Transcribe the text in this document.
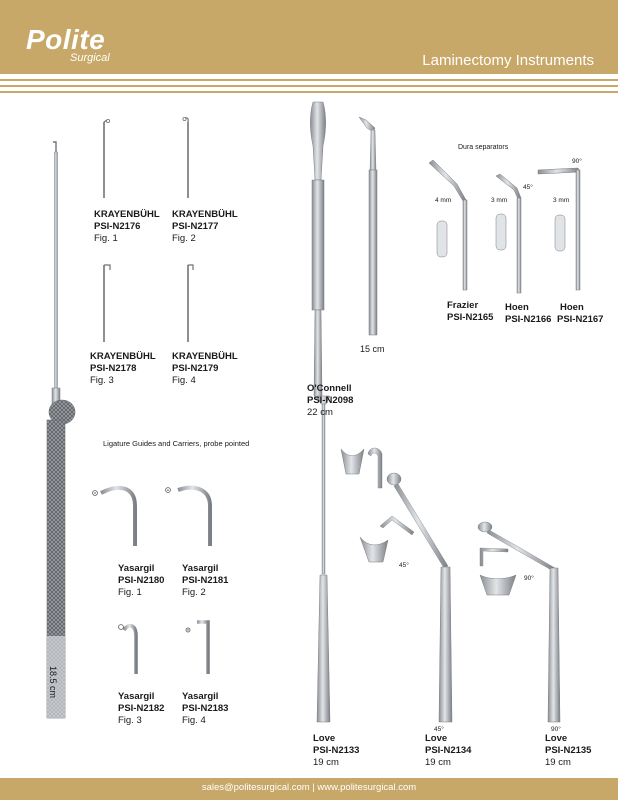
Polite
Surgical	Laminectomy Instruments
18.5 cm
KRAYENBÜHL
PSI-N2176
Fig. 1
KRAYENBÜHL
PSI-N2177
Fig. 2
KRAYENBÜHL
PSI-N2178
Fig. 3
KRAYENBÜHL
PSI-N2179
Fig. 4
Ligature Guides and Carriers, probe pointed
Yasargil
PSI-N2180
Fig. 1
Yasargil
PSI-N2181
Fig. 2
Yasargil
PSI-N2182
Fig. 3
Yasargil
PSI-N2183
Fig. 4
15 cm
O'Connell
PSI-N2098
22 cm
Dura separators
4 mm	3 mm
45°
3 mm
90°
Frazier
PSI-N2165
Hoen
PSI-N2166
Hoen
PSI-N2167
45°
90°
45°	90°
Love
PSI-N2133
19 cm
Love
PSI-N2134
19 cm
Love
PSI-N2135
19 cm
sales@politesurgical.com | www.politesurgical.com
